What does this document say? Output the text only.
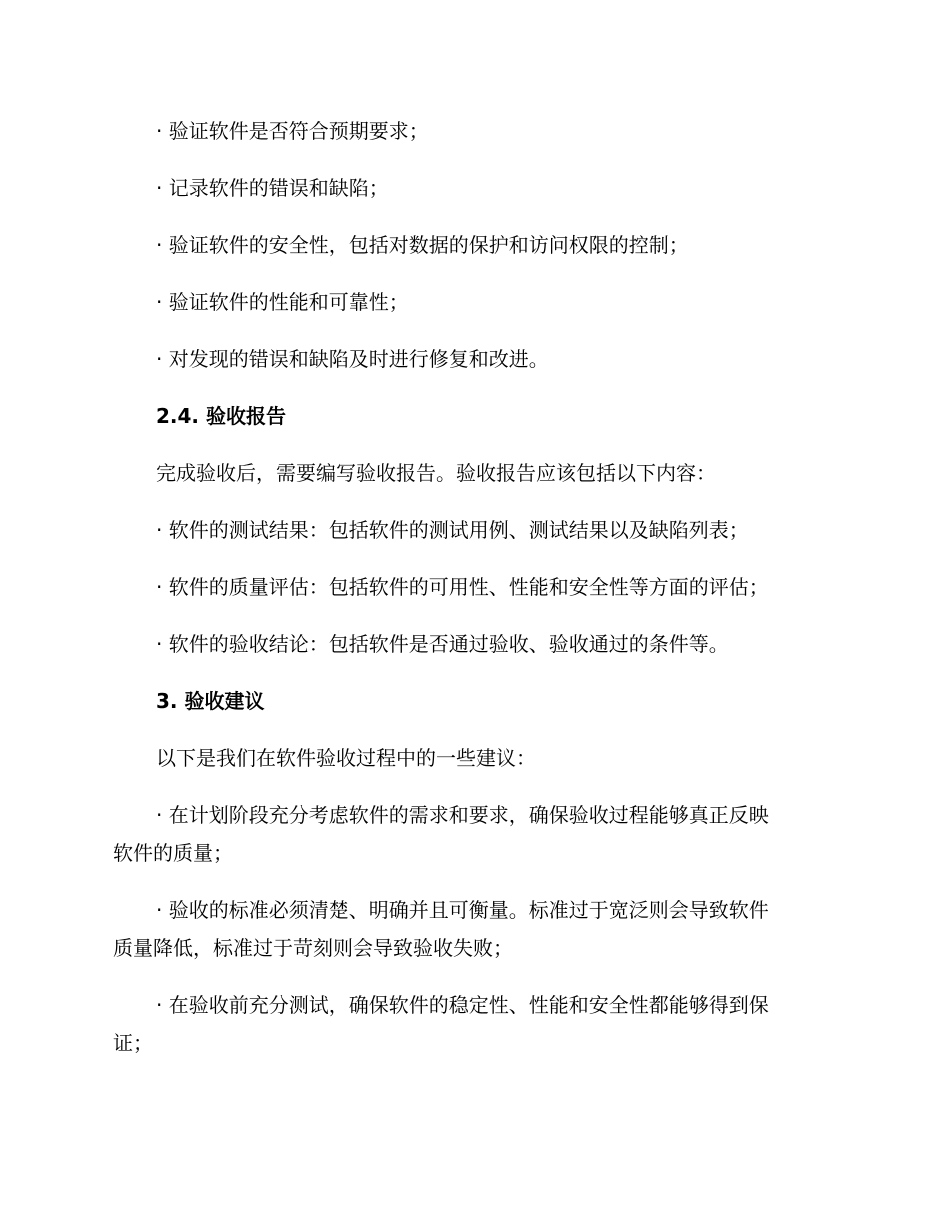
· 验证软件是否符合预期要求；

· 记录软件的错误和缺陷；

· 验证软件的安全性，包括对数据的保护和访问权限的控制；

· 验证软件的性能和可靠性；

· 对发现的错误和缺陷及时进行修复和改进。

2.4. 验收报告

完成验收后，需要编写验收报告。验收报告应该包括以下内容：

· 软件的测试结果：包括软件的测试用例、测试结果以及缺陷列表；

· 软件的质量评估：包括软件的可用性、性能和安全性等方面的评估；

· 软件的验收结论：包括软件是否通过验收、验收通过的条件等。

3. 验收建议

以下是我们在软件验收过程中的一些建议：

· 在计划阶段充分考虑软件的需求和要求，确保验收过程能够真正反映

软件的质量；

· 验收的标准必须清楚、明确并且可衡量。标准过于宽泛则会导致软件

质量降低，标准过于苛刻则会导致验收失败；

· 在验收前充分测试，确保软件的稳定性、性能和安全性都能够得到保

证；
